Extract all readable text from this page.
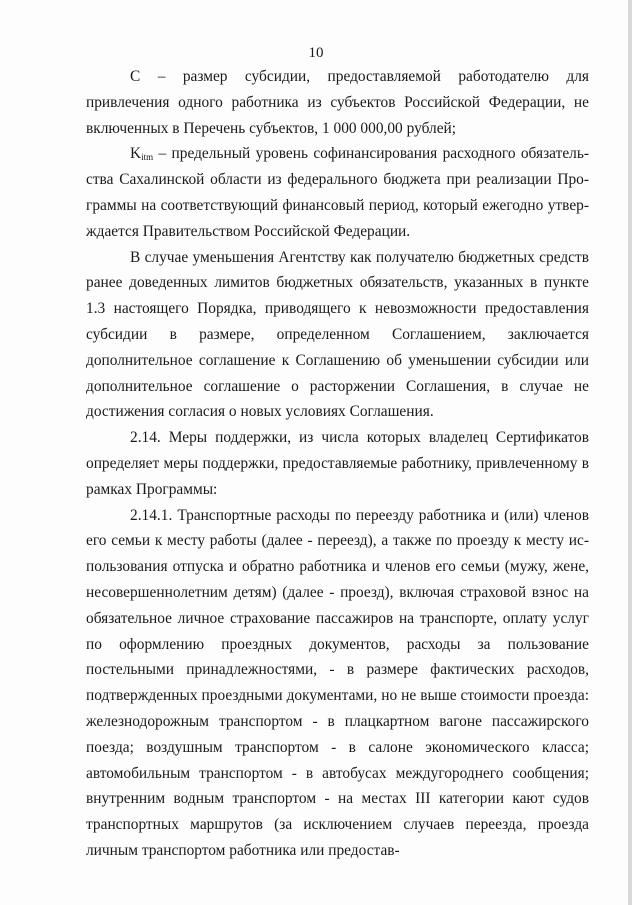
10

С – размер субсидии, предоставляемой работодателю для привлечения одного работника из субъектов Российской Федерации, не включенных в Перечень субъектов, 1 000 000,00 рублей;

$K_{itm}$ – предельный уровень софинансирования расходного обязательства Сахалинской области из федерального бюджета при реализации Программы на соответствующий финансовый период, который ежегодно утверждается Правительством Российской Федерации.

В случае уменьшения Агентству как получателю бюджетных средств ранее доведенных лимитов бюджетных обязательств, указанных в пункте 1.3 настоящего Порядка, приводящего к невозможности предоставления субсидии в размере, определенном Соглашением, заключается дополнительное соглашение к Соглашению об уменьшении субсидии или дополнительное соглашение о расторжении Соглашения, в случае не достижения согласия о новых условиях Соглашения.

2.14. Меры поддержки, из числа которых владелец Сертификатов определяет меры поддержки, предоставляемые работнику, привлеченному в рамках Программы:

2.14.1. Транспортные расходы по переезду работника и (или) членов его семьи к месту работы (далее - переезд), а также по проезду к месту использования отпуска и обратно работника и членов его семьи (мужу, жене, несовершеннолетним детям) (далее - проезд), включая страховой взнос на обязательное личное страхование пассажиров на транспорте, оплату услуг по оформлению проездных документов, расходы за пользование постельными принадлежностями, - в размере фактических расходов, подтвержденных проездными документами, но не выше стоимости проезда: железнодорожным транспортом - в плацкартном вагоне пассажирского поезда; воздушным транспортом - в салоне экономического класса; автомобильным транспортом - в автобусах междугороднего сообщения; внутренним водным транспортом - на местах III категории кают судов транспортных маршрутов (за исключением случаев переезда, проезда личным транспортом работника или предостав-
